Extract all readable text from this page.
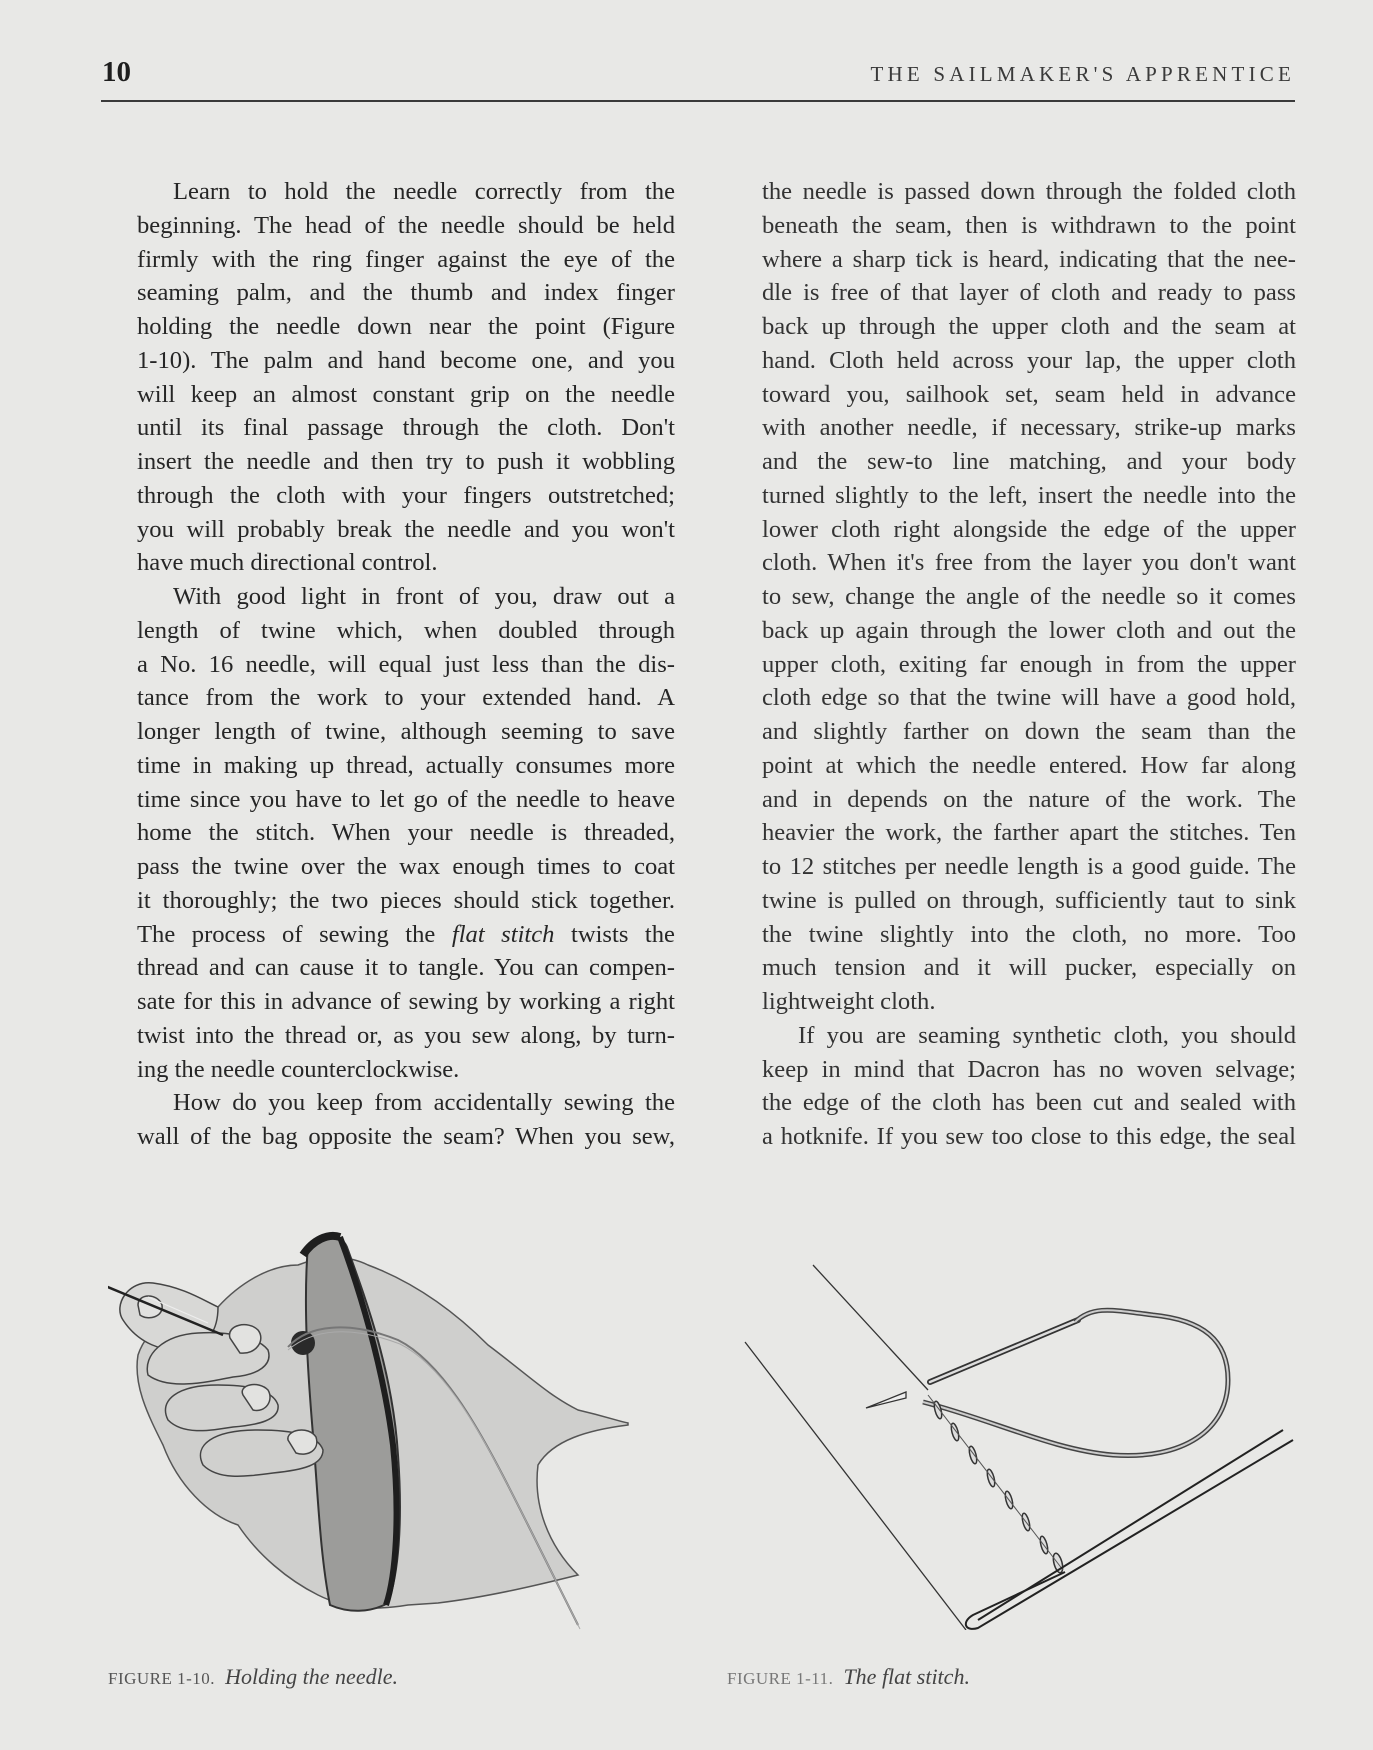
10	THE SAILMAKER'S APPRENTICE

Learn to hold the needle correctly from the
beginning. The head of the needle should be held
firmly with the ring finger against the eye of the
seaming palm, and the thumb and index finger
holding the needle down near the point (Figure
1-10). The palm and hand become one, and you
will keep an almost constant grip on the needle
until its final passage through the cloth. Don't
insert the needle and then try to push it wobbling
through the cloth with your fingers outstretched;
you will probably break the needle and you won't
have much directional control.

With good light in front of you, draw out a
length of twine which, when doubled through
a No. 16 needle, will equal just less than the dis-
tance from the work to your extended hand. A
longer length of twine, although seeming to save
time in making up thread, actually consumes more
time since you have to let go of the needle to heave
home the stitch. When your needle is threaded,
pass the twine over the wax enough times to coat
it thoroughly; the two pieces should stick together.
The process of sewing the flat stitch twists the
thread and can cause it to tangle. You can compen-
sate for this in advance of sewing by working a right
twist into the thread or, as you sew along, by turn-
ing the needle counterclockwise.

How do you keep from accidentally sewing the
wall of the bag opposite the seam? When you sew,

the needle is passed down through the folded cloth
beneath the seam, then is withdrawn to the point
where a sharp tick is heard, indicating that the nee-
dle is free of that layer of cloth and ready to pass
back up through the upper cloth and the seam at
hand. Cloth held across your lap, the upper cloth
toward you, sailhook set, seam held in advance
with another needle, if necessary, strike-up marks
and the sew-to line matching, and your body
turned slightly to the left, insert the needle into the
lower cloth right alongside the edge of the upper
cloth. When it's free from the layer you don't want
to sew, change the angle of the needle so it comes
back up again through the lower cloth and out the
upper cloth, exiting far enough in from the upper
cloth edge so that the twine will have a good hold,
and slightly farther on down the seam than the
point at which the needle entered. How far along
and in depends on the nature of the work. The
heavier the work, the farther apart the stitches. Ten
to 12 stitches per needle length is a good guide. The
twine is pulled on through, sufficiently taut to sink
the twine slightly into the cloth, no more. Too
much tension and it will pucker, especially on
lightweight cloth.

If you are seaming synthetic cloth, you should
keep in mind that Dacron has no woven selvage;
the edge of the cloth has been cut and sealed with
a hotknife. If you sew too close to this edge, the seal

FIGURE 1-10. Holding the needle.	FIGURE 1-11. The flat stitch.
